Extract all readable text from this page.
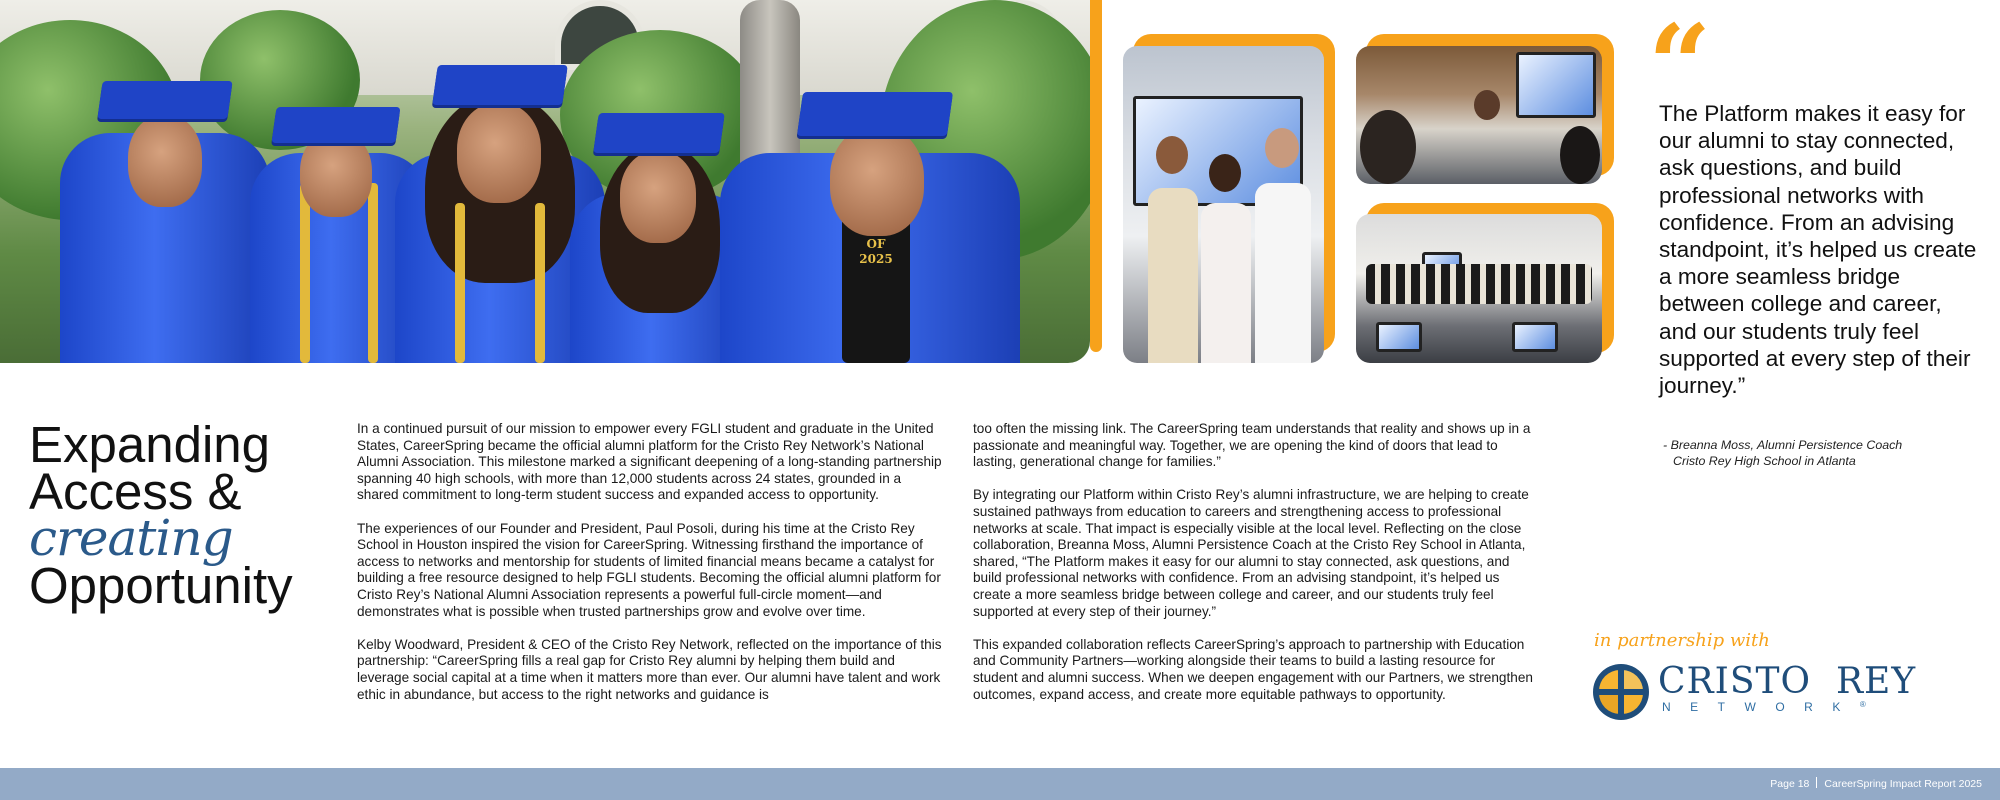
OF
2025
“
The Platform makes it easy for our alumni to stay connected, ask questions, and build professional networks with confidence. From an advising standpoint, it’s helped us create a more seamless bridge between college and career, and our students truly feel supported at every step of their journey.”
- Breanna Moss, Alumni Persistence Coach
Cristo Rey High School in Atlanta
Expanding
Access &
creating
Opportunity

In a continued pursuit of our mission to empower every FGLI student and graduate in the United States, CareerSpring became the official alumni platform for the Cristo Rey Network’s National Alumni Association. This milestone marked a significant deepening of a long-standing partnership spanning 40 high schools, with more than 12,000 students across 24 states, grounded in a shared commitment to long-term student success and expanded access to opportunity.

The experiences of our Founder and President, Paul Posoli, during his time at the Cristo Rey School in Houston inspired the vision for CareerSpring. Witnessing firsthand the importance of access to networks and mentorship for students of limited financial means became a catalyst for building a free resource designed to help FGLI students. Becoming the official alumni platform for Cristo Rey’s National Alumni Association represents a powerful full-circle moment—and demonstrates what is possible when trusted partnerships grow and evolve over time.

Kelby Woodward, President & CEO of the Cristo Rey Network, reflected on the importance of this partnership: “CareerSpring fills a real gap for Cristo Rey alumni by helping them build and leverage social capital at a time when it matters more than ever. Our alumni have talent and work ethic in abundance, but access to the right networks and guidance is

too often the missing link. The CareerSpring team understands that reality and shows up in a passionate and meaningful way. Together, we are opening the kind of doors that lead to lasting, generational change for families.”

By integrating our Platform within Cristo Rey’s alumni infrastructure, we are helping to create sustained pathways from education to careers and strengthening access to professional networks at scale. That impact is especially visible at the local level. Reflecting on the close collaboration, Breanna Moss, Alumni Persistence Coach at the Cristo Rey School in Atlanta, shared, “The Platform makes it easy for our alumni to stay connected, ask questions, and build professional networks with confidence. From an advising standpoint, it’s helped us create a more seamless bridge between college and career, and our students truly feel supported at every step of their journey.”

This expanded collaboration reflects CareerSpring’s approach to partnership with Education and Community Partners—working alongside their teams to build a lasting resource for student and alumni success. When we deepen engagement with our Partners, we strengthen outcomes, expand access, and create more equitable pathways to opportunity.

in partnership with
CRISTO  REY
NETWORK®
Page 18 CareerSpring Impact Report 2025
